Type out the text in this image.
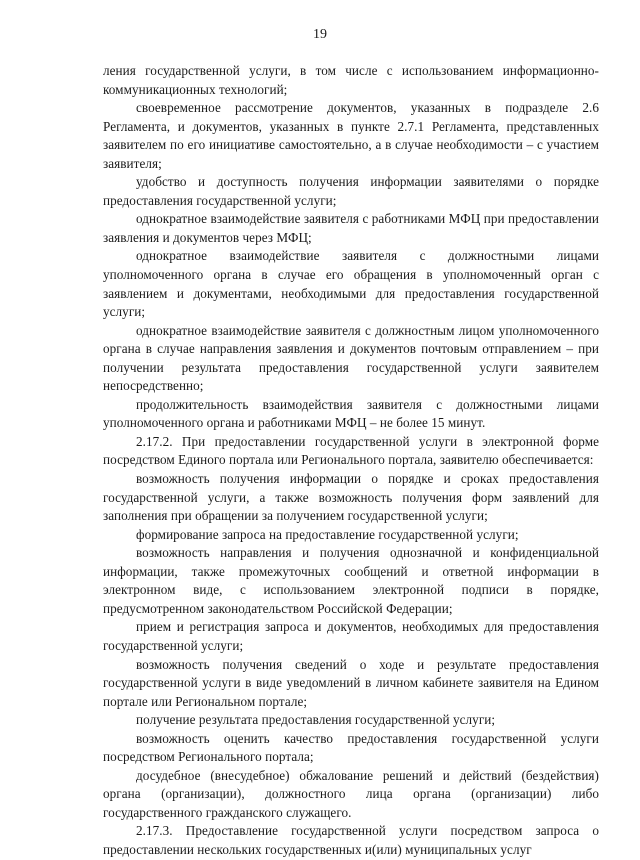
19

ления государственной услуги, в том числе с использованием информационно-коммуникационных технологий;

своевременное рассмотрение документов, указанных в подразделе 2.6 Регламента, и документов, указанных в пункте 2.7.1 Регламента, представленных заявителем по его инициативе самостоятельно, а в случае необходимости – с участием заявителя;

удобство и доступность получения информации заявителями о порядке предоставления государственной услуги;

однократное взаимодействие заявителя с работниками МФЦ при предоставлении заявления и документов через МФЦ;

однократное взаимодействие заявителя с должностными лицами уполномоченного органа в случае его обращения в уполномоченный орган с заявлением и документами, необходимыми для предоставления государственной услуги;

однократное взаимодействие заявителя с должностным лицом уполномоченного органа в случае направления заявления и документов почтовым отправлением – при получении результата предоставления государственной услуги заявителем непосредственно;

продолжительность взаимодействия заявителя с должностными лицами уполномоченного органа и работниками МФЦ – не более 15 минут.

2.17.2. При предоставлении государственной услуги в электронной форме посредством Единого портала или Регионального портала, заявителю обеспечивается:

возможность получения информации о порядке и сроках предоставления государственной услуги, а также возможность получения форм заявлений для заполнения при обращении за получением государственной услуги;

формирование запроса на предоставление государственной услуги;

возможность направления и получения однозначной и конфиденциальной информации, также промежуточных сообщений и ответной информации в электронном виде, с использованием электронной подписи в порядке, предусмотренном законодательством Российской Федерации;

прием и регистрация запроса и документов, необходимых для предоставления государственной услуги;

возможность получения сведений о ходе и результате предоставления государственной услуги в виде уведомлений в личном кабинете заявителя на Едином портале или Региональном портале;

получение результата предоставления государственной услуги;

возможность оценить качество предоставления государственной услуги посредством Регионального портала;

досудебное (внесудебное) обжалование решений и действий (бездействия) органа (организации), должностного лица органа (организации) либо государственного гражданского служащего.

2.17.3. Предоставление государственной услуги посредством запроса о предоставлении нескольких государственных и(или) муниципальных услуг
